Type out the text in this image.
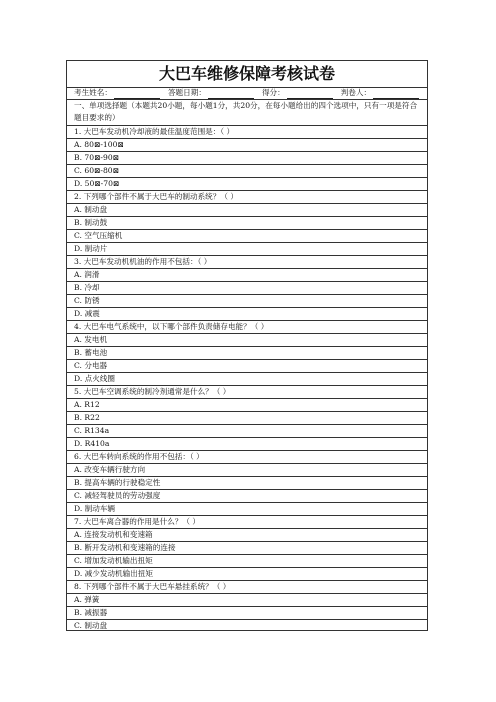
大巴车维修保障考核试卷
考生姓名：	答题日期：	得分：	判卷人：
一、单项选择题（本题共20小题，每小题1分，共20分，在每小题给出的四个选项中，只有一项是符合题目要求的）
1. 大巴车发动机冷却液的最佳温度范围是：（ ）
A. 80⊠-100⊠
B. 70⊠-90⊠
C. 60⊠-80⊠
D. 50⊠-70⊠
2. 下列哪个部件不属于大巴车的制动系统？（ ）
A. 制动盘
B. 制动鼓
C. 空气压缩机
D. 制动片
3. 大巴车发动机机油的作用不包括：（ ）
A. 润滑
B. 冷却
C. 防锈
D. 减震
4. 大巴车电气系统中，以下哪个部件负责储存电能？（ ）
A. 发电机
B. 蓄电池
C. 分电器
D. 点火线圈
5. 大巴车空调系统的制冷剂通常是什么？（ ）
A. R12
B. R22
C. R134a
D. R410a
6. 大巴车转向系统的作用不包括：（ ）
A. 改变车辆行驶方向
B. 提高车辆的行驶稳定性
C. 减轻驾驶员的劳动强度
D. 制动车辆
7. 大巴车离合器的作用是什么？（ ）
A. 连接发动机和变速箱
B. 断开发动机和变速箱的连接
C. 增加发动机输出扭矩
D. 减少发动机输出扭矩
8. 下列哪个部件不属于大巴车悬挂系统？（ ）
A. 弹簧
B. 减振器
C. 制动盘
